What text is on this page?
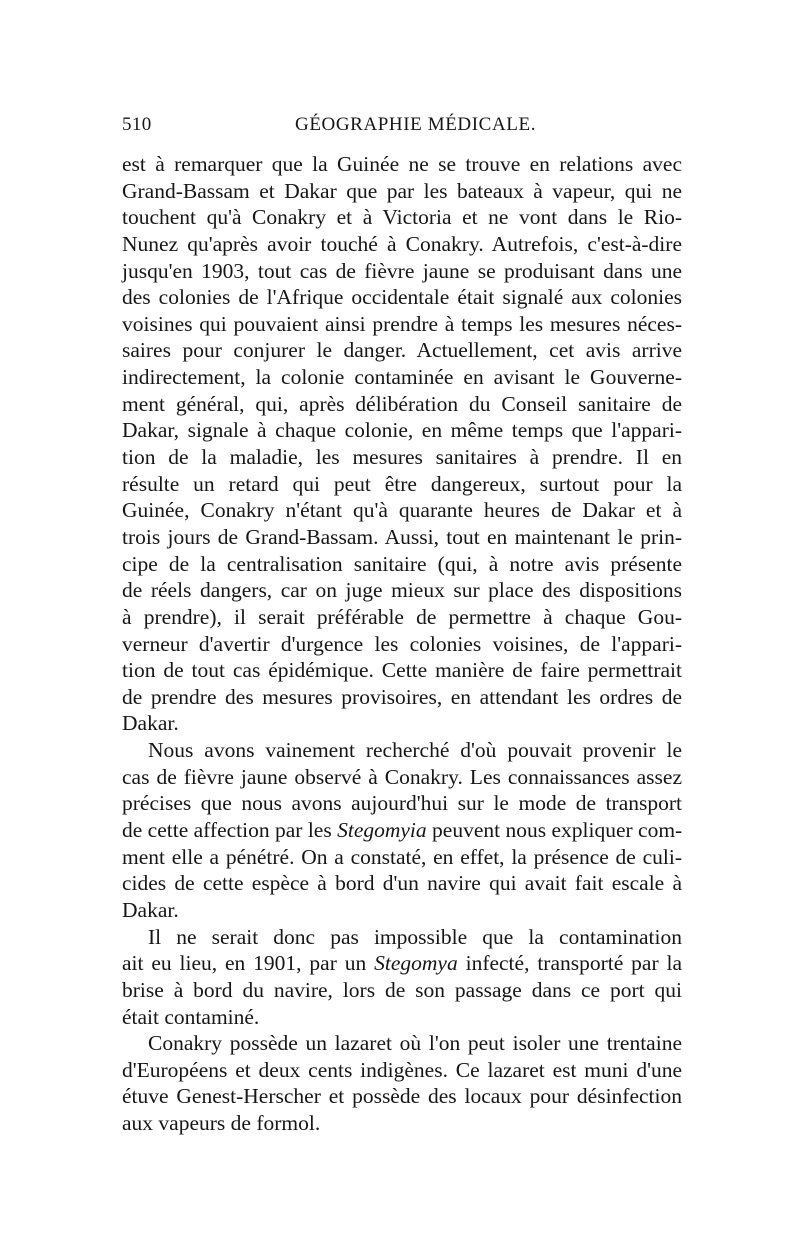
510	GÉOGRAPHIE MÉDICALE.
est à remarquer que la Guinée ne se trouve en relations avec
Grand-Bassam et Dakar que par les bateaux à vapeur, qui ne
touchent qu'à Conakry et à Victoria et ne vont dans le Rio-
Nunez qu'après avoir touché à Conakry. Autrefois, c'est-à-dire
jusqu'en 1903, tout cas de fièvre jaune se produisant dans une
des colonies de l'Afrique occidentale était signalé aux colonies
voisines qui pouvaient ainsi prendre à temps les mesures néces-
saires pour conjurer le danger. Actuellement, cet avis arrive
indirectement, la colonie contaminée en avisant le Gouverne-
ment général, qui, après délibération du Conseil sanitaire de
Dakar, signale à chaque colonie, en même temps que l'appari-
tion de la maladie, les mesures sanitaires à prendre. Il en
résulte un retard qui peut être dangereux, surtout pour la
Guinée, Conakry n'étant qu'à quarante heures de Dakar et à
trois jours de Grand-Bassam. Aussi, tout en maintenant le prin-
cipe de la centralisation sanitaire (qui, à notre avis présente
de réels dangers, car on juge mieux sur place des dispositions
à prendre), il serait préférable de permettre à chaque Gou-
verneur d'avertir d'urgence les colonies voisines, de l'appari-
tion de tout cas épidémique. Cette manière de faire permettrait
de prendre des mesures provisoires, en attendant les ordres de
Dakar.
Nous avons vainement recherché d'où pouvait provenir le
cas de fièvre jaune observé à Conakry. Les connaissances assez
précises que nous avons aujourd'hui sur le mode de transport
de cette affection par les Stegomyia peuvent nous expliquer com-
ment elle a pénétré. On a constaté, en effet, la présence de culi-
cides de cette espèce à bord d'un navire qui avait fait escale à
Dakar.
Il ne serait donc pas impossible que la contamination
ait eu lieu, en 1901, par un Stegomya infecté, transporté par la
brise à bord du navire, lors de son passage dans ce port qui
était contaminé.
Conakry possède un lazaret où l'on peut isoler une trentaine
d'Européens et deux cents indigènes. Ce lazaret est muni d'une
étuve Genest-Herscher et possède des locaux pour désinfection
aux vapeurs de formol.
